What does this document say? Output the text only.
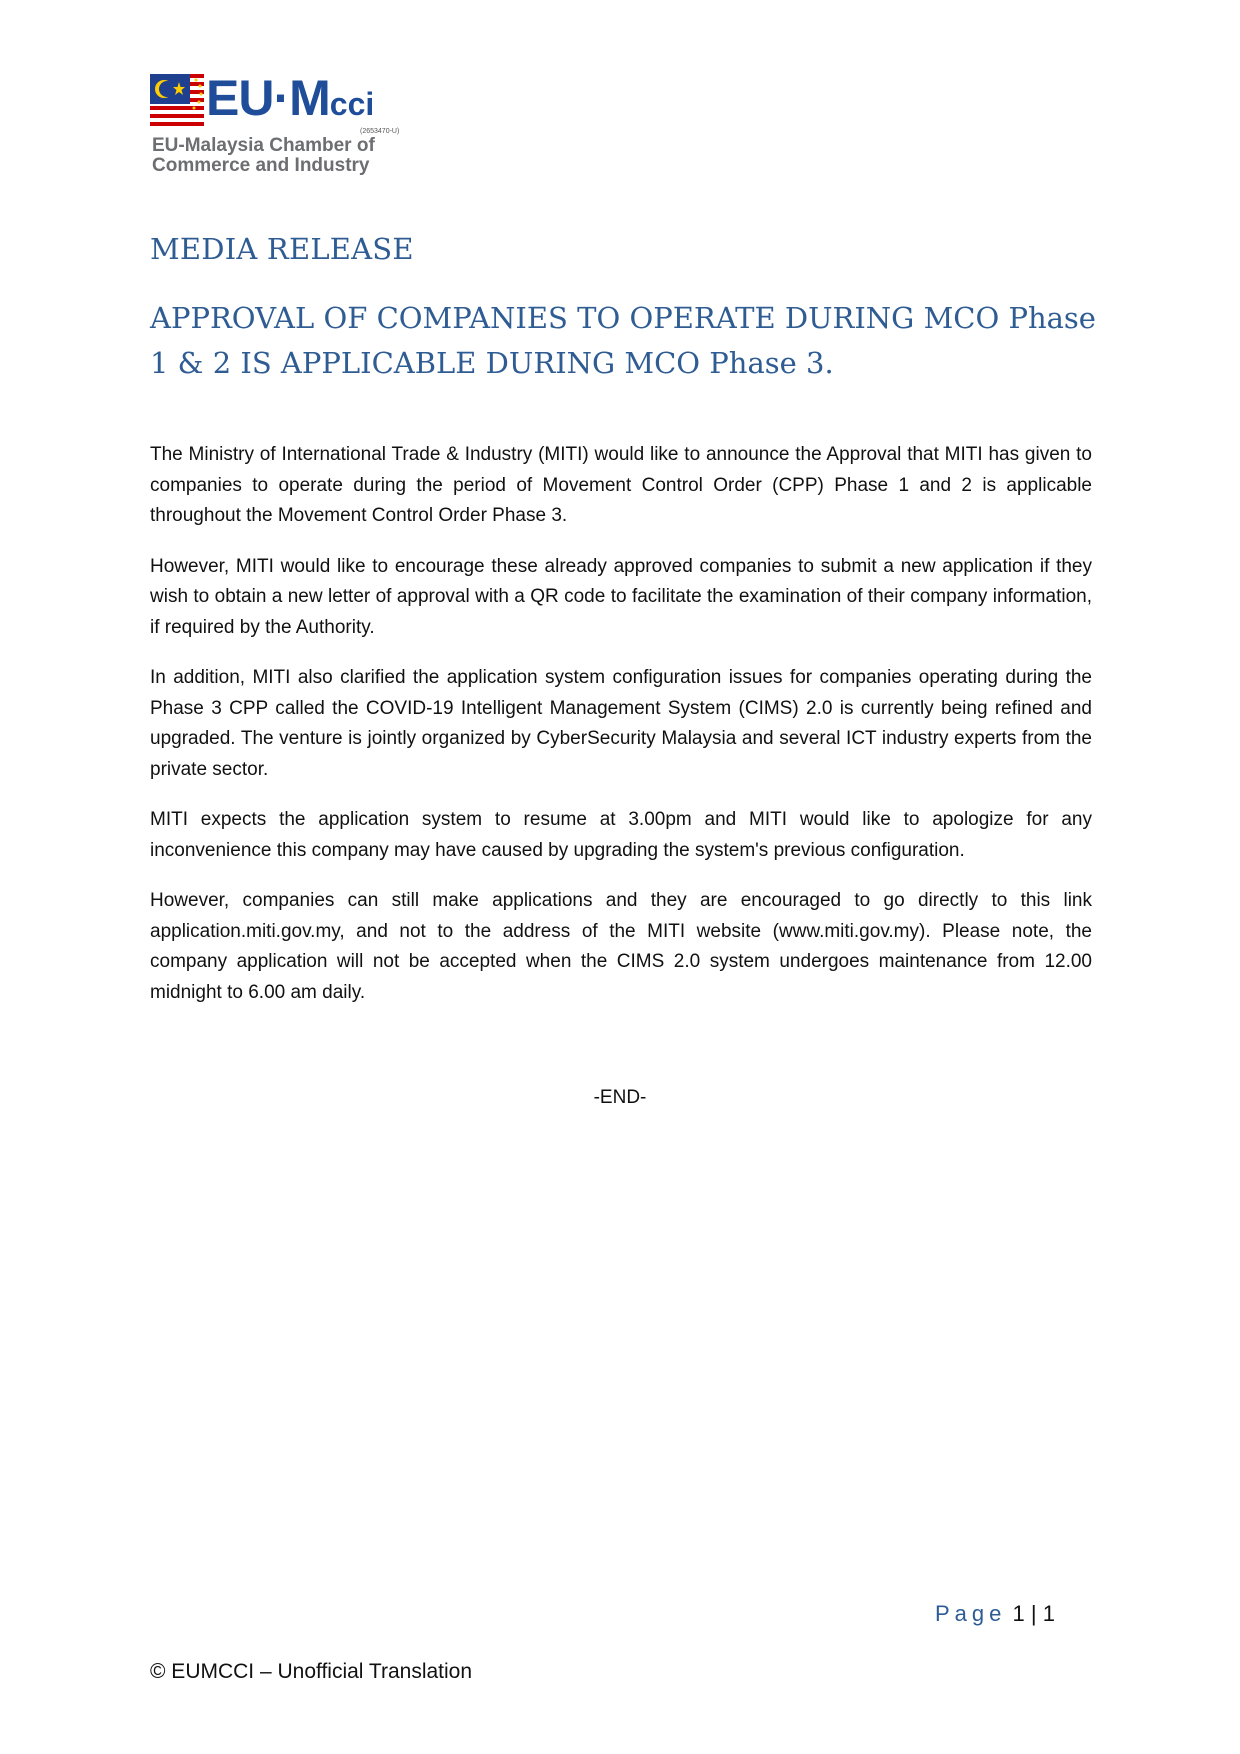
EU·Mcci
(2653470-U)
EU-Malaysia Chamber of
Commerce and Industry
MEDIA RELEASE
APPROVAL OF COMPANIES TO OPERATE DURING MCO Phase 1 & 2 IS APPLICABLE DURING MCO Phase 3.

The Ministry of International Trade & Industry (MITI) would like to announce the Approval that MITI has given to companies to operate during the period of Movement Control Order (CPP) Phase 1 and 2 is applicable throughout the Movement Control Order Phase 3.

However, MITI would like to encourage these already approved companies to submit a new application if they wish to obtain a new letter of approval with a QR code to facilitate the examination of their company information, if required by the Authority.

In addition, MITI also clarified the application system configuration issues for companies operating during the Phase 3 CPP called the COVID-19 Intelligent Management System (CIMS) 2.0 is currently being refined and upgraded. The venture is jointly organized by CyberSecurity Malaysia and several ICT industry experts from the private sector.

MITI expects the application system to resume at 3.00pm and MITI would like to apologize for any inconvenience this company may have caused by upgrading the system's previous configuration.

However, companies can still make applications and they are encouraged to go directly to this link application.miti.gov.my, and not to the address of the MITI website (www.miti.gov.my). Please note, the company application will not be accepted when the CIMS 2.0 system undergoes maintenance from 12.00 midnight to 6.00 am daily.

-END-
Page 1 | 1
© EUMCCI – Unofficial Translation
